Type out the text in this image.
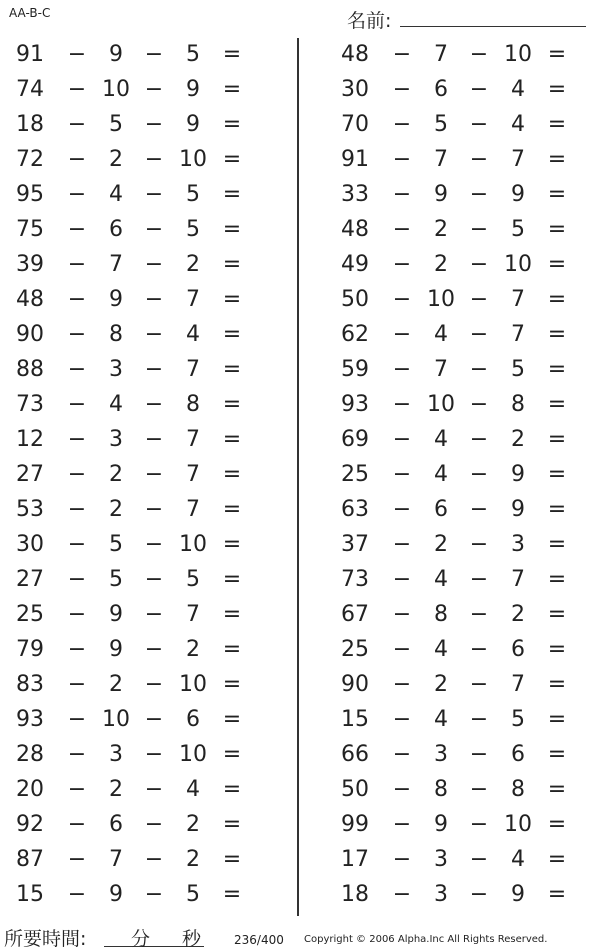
AA-B-C	名前:
91 −	9 −	5	=
74 − 10 −	9	=
18 −	5 −	9	=
72 −	2 − 10 =
95 −	4 −	5	=
75 −	6 −	5	=
39 −	7 −	2	=
48 −	9 −	7	=
90 −	8 −	4	=
88 −	3 −	7	=
73 −	4 −	8	=
12 −	3 −	7	=
27 −	2 −	7	=
53 −	2 −	7	=
30 −	5 − 10 =
27 −	5 −	5	=
25 −	9 −	7	=
79 −	9 −	2	=
83 −	2 − 10 =
93 − 10 −	6	=
28 −	3 − 10 =
20 −	2 −	4	=
92 −	6 −	2	=
87 −	7 −	2	=
15 −	9 −	5	=
48 −	7 − 10 =
30 −	6 −	4	=
70 −	5 −	4	=
91 −	7 −	7	=
33 −	9 −	9	=
48 −	2 −	5	=
49 −	2 − 10 =
50 − 10 −	7	=
62 −	4 −	7	=
59 −	7 −	5	=
93 − 10 −	8	=
69 −	4 −	2	=
25 −	4 −	9	=
63 −	6 −	9	=
37 −	2 −	3	=
73 −	4 −	7	=
67 −	8 −	2	=
25 −	4 −	6	=
90 −	2 −	7	=
15 −	4 −	5	=
66 −	3 −	6	=
50 −	8 −	8	=
99 −	9 − 10 =
17 −	3 −	4	=
18 −	3 −	9	=
所要時間: 分 秒	236/400 Copyright © 2006 Alpha.Inc All Rights Reserved.
